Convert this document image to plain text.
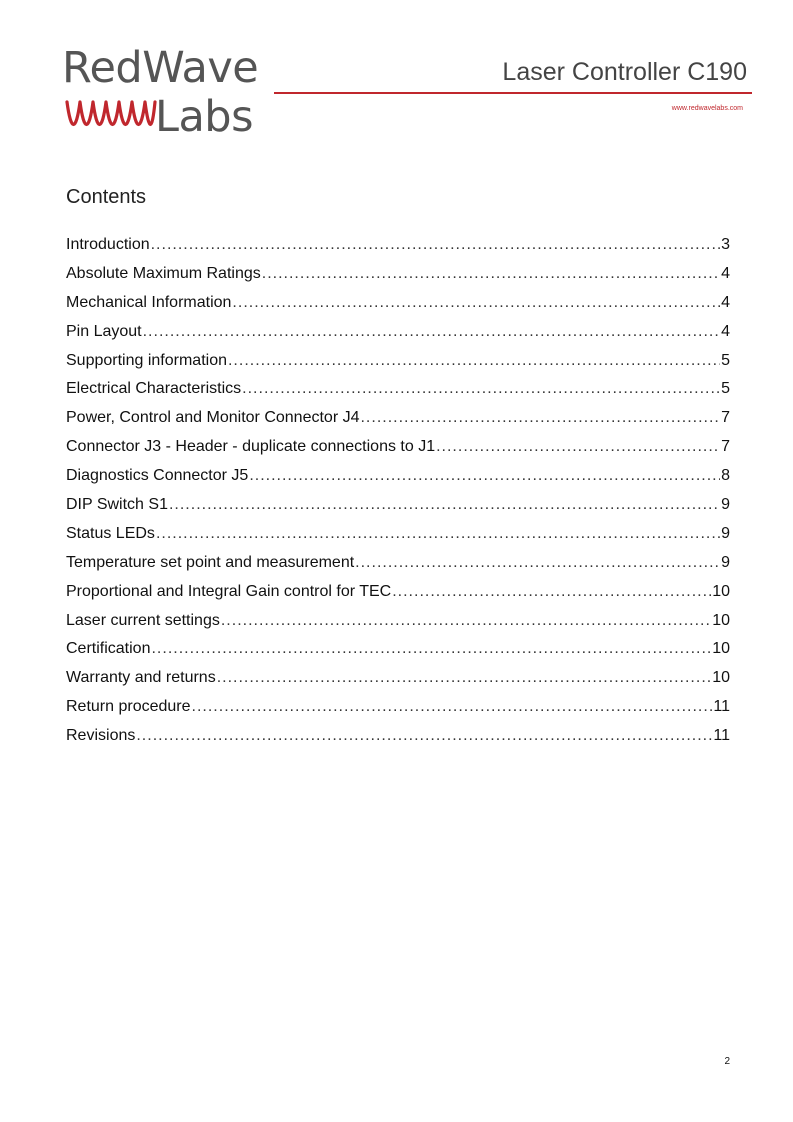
RedWave
Labs
Laser Controller C190
www.redwavelabs.com
Contents
Introduction .....	3
Absolute Maximum Ratings .....	4
Mechanical Information .....	4
Pin Layout .....	4
Supporting information .....	5
Electrical Characteristics .....	5
Power, Control and Monitor Connector J4 .....	7
Connector J3 - Header - duplicate connections to J1 .....	7
Diagnostics Connector J5 .....	8
DIP Switch S1 .....	9
Status LEDs .....	9
Temperature set point and measurement .....	9
Proportional and Integral Gain control for TEC .....	10
Laser current settings .....	10
Certification .....	10
Warranty and returns .....	10
Return procedure .....	11
Revisions .....	11
2
